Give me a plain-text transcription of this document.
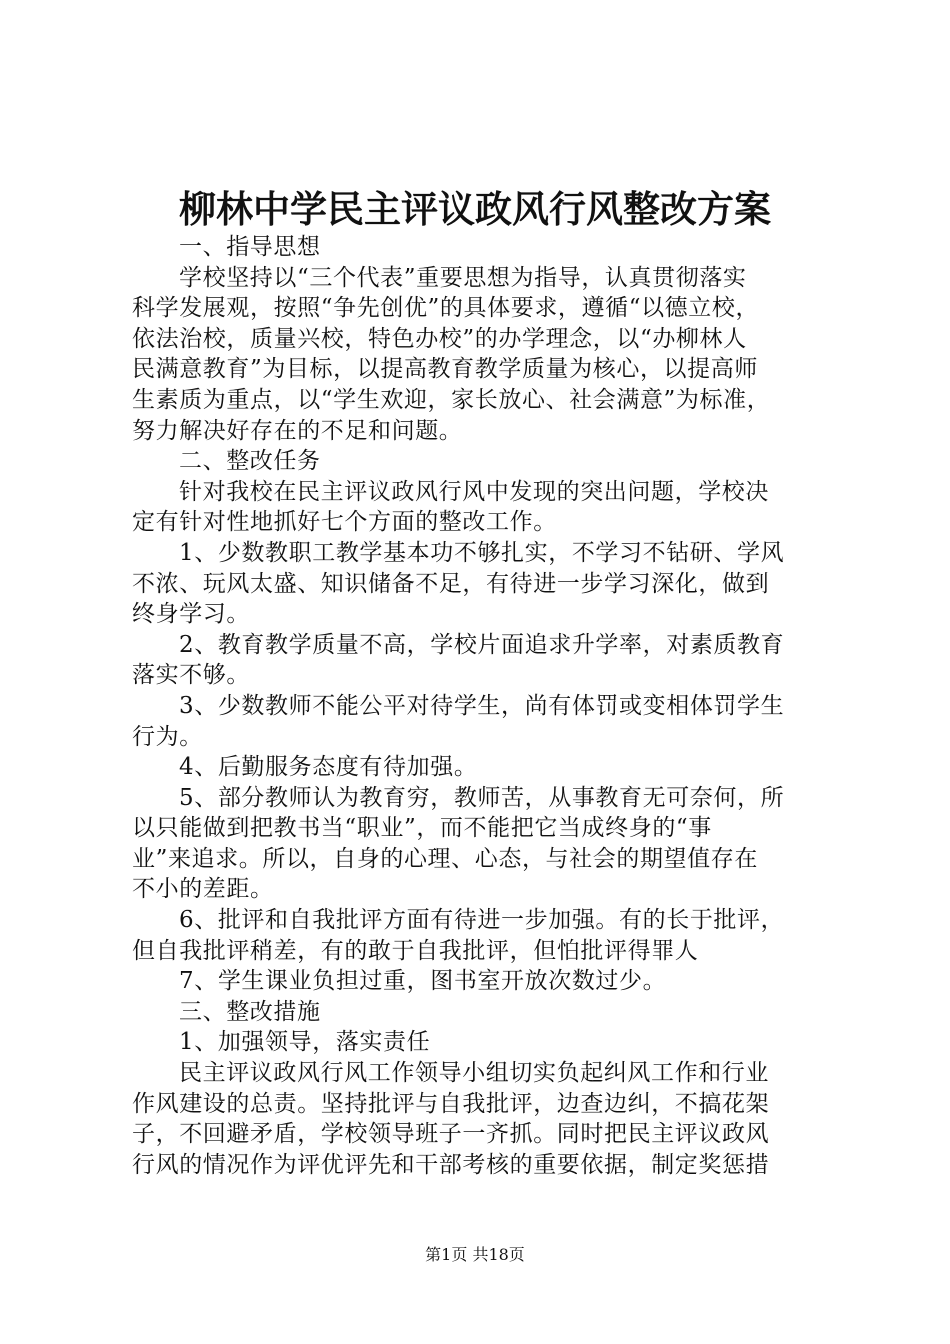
柳林中学民主评议政风行风整改方案
一、指导思想
学校坚持以“三个代表”重要思想为指导，认真贯彻落实
科学发展观，按照“争先创优”的具体要求，遵循“以德立校，
依法治校，质量兴校，特色办校”的办学理念，以“办柳林人
民满意教育”为目标，以提高教育教学质量为核心，以提高师
生素质为重点，以“学生欢迎，家长放心、社会满意”为标准，
努力解决好存在的不足和问题。
二、整改任务
针对我校在民主评议政风行风中发现的突出问题，学校决
定有针对性地抓好七个方面的整改工作。
1、少数教职工教学基本功不够扎实，不学习不钻研、学风
不浓、玩风太盛、知识储备不足，有待进一步学习深化，做到
终身学习。
2、教育教学质量不高，学校片面追求升学率，对素质教育
落实不够。
3、少数教师不能公平对待学生，尚有体罚或变相体罚学生
行为。
4、后勤服务态度有待加强。
5、部分教师认为教育穷，教师苦，从事教育无可奈何，所
以只能做到把教书当“职业”，而不能把它当成终身的“事
业”来追求。所以，自身的心理、心态，与社会的期望值存在
不小的差距。
6、批评和自我批评方面有待进一步加强。有的长于批评，
但自我批评稍差，有的敢于自我批评，但怕批评得罪人
7、学生课业负担过重，图书室开放次数过少。
三、整改措施
1、加强领导，落实责任
民主评议政风行风工作领导小组切实负起纠风工作和行业
作风建设的总责。坚持批评与自我批评，边查边纠，不搞花架
子，不回避矛盾，学校领导班子一齐抓。同时把民主评议政风
行风的情况作为评优评先和干部考核的重要依据，制定奖惩措
第1页 共18页
